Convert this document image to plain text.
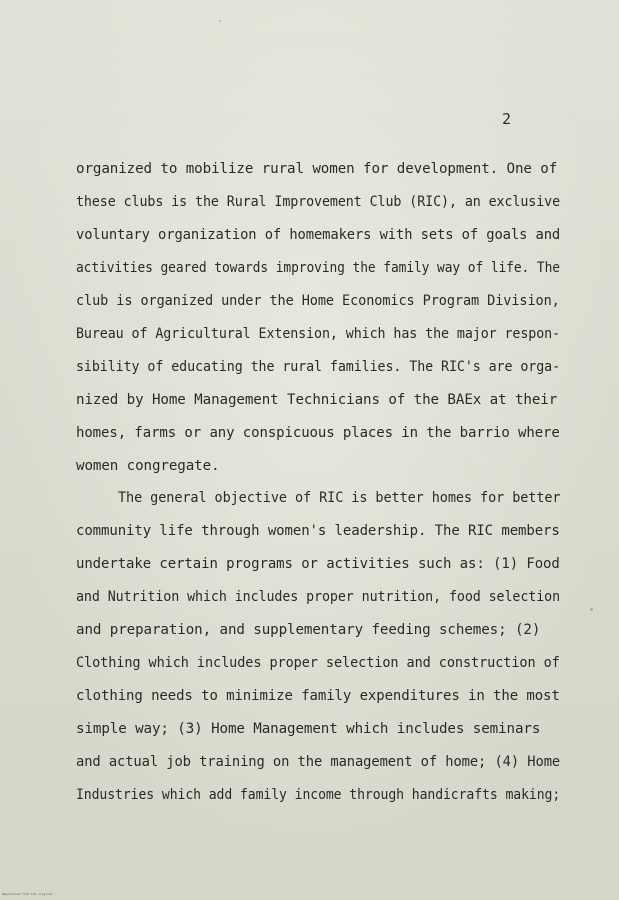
2
organized to mobilize rural women for development. One of
these clubs is the Rural Improvement Club (RIC), an exclusive
voluntary organization of homemakers with sets of goals and
activities geared towards improving the family way of life. The
club is organized under the Home Economics Program Division,
Bureau of Agricultural Extension, which has the major respon-
sibility of educating the rural families. The RIC's are orga-
nized by Home Management Technicians of the BAEx at their
homes, farms or any conspicuous places in the barrio where
women congregate.
The general objective of RIC is better homes for better
community life through women's leadership. The RIC members
undertake certain programs or activities such as: (1) Food
and Nutrition which includes proper nutrition, food selection
and preparation, and supplementary feeding schemes; (2)
Clothing which includes proper selection and construction of
clothing needs to minimize family expenditures in the most
simple way; (3) Home Management which includes seminars
and actual job training on the management of home; (4) Home
Industries which add family income through handicrafts making;
Reproduced from the original
